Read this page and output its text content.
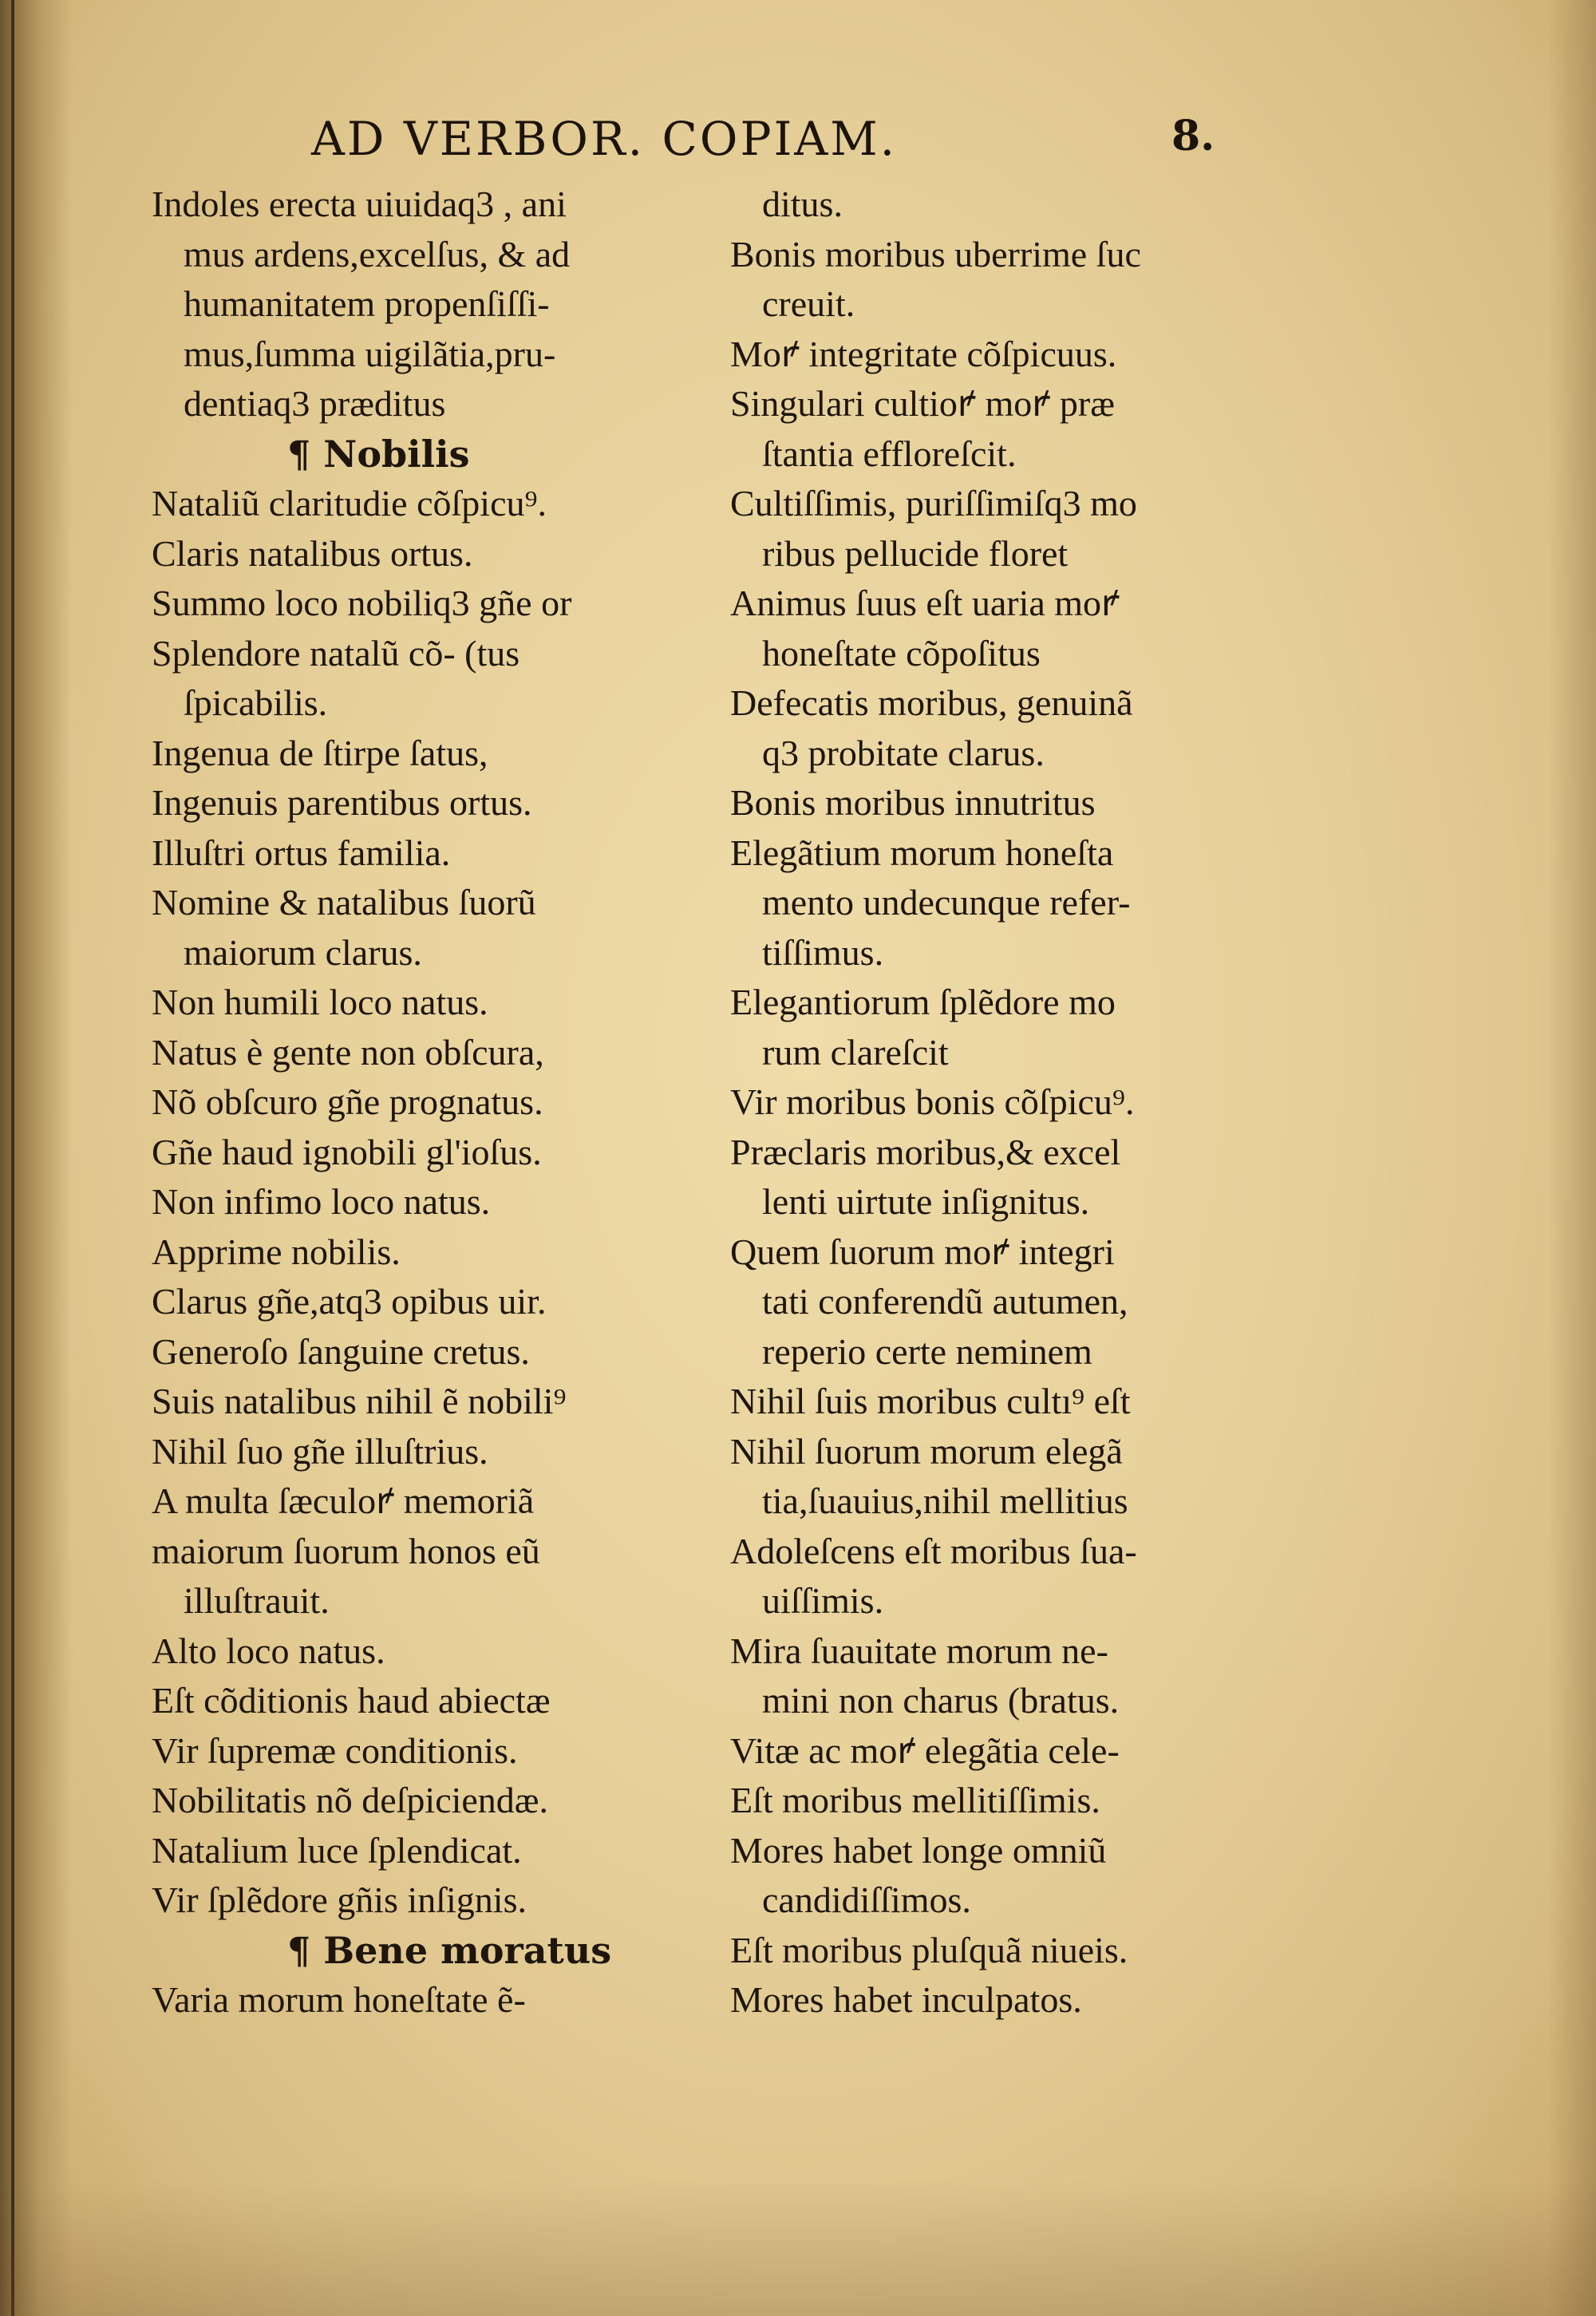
AD VERBOR. COPIAM.	8.
Indoles erecta uiuidaq3 , ani
mus ardens,excelſus, & ad
humanitatem propenſiſſi-
mus,ſumma uigilãtia,pru-
dentiaq3 præditus
¶ Nobilis
Nataliũ claritudie cõſpicu⁹.
Claris natalibus ortus.
Summo loco nobiliq3 gñe or
Splendore natalũ cõ- (tus
ſpicabilis.
Ingenua de ſtirpe ſatus,
Ingenuis parentibus ortus.
Illuſtri ortus familia.
Nomine & natalibus ſuorũ
maiorum clarus.
Non humili loco natus.
Natus è gente non obſcura,
Nõ obſcuro gñe prognatus.
Gñe haud ignobili gl'ioſus.
Non infimo loco natus.
Apprime nobilis.
Clarus gñe,atq3 opibus uir.
Generoſo ſanguine cretus.
Suis natalibus nihil ẽ nobili⁹
Nihil ſuo gñe illuſtrius.
A multa ſæculoꝵ memoriã
maiorum ſuorum honos eũ
illuſtrauit.
Alto loco natus.
Eſt cõditionis haud abiectæ
Vir ſupremæ conditionis.
Nobilitatis nõ deſpiciendæ.
Natalium luce ſplendicat.
Vir ſplẽdore gñis inſignis.
¶ Bene moratus
Varia morum honeſtate ẽ-
ditus.
Bonis moribus uberrime ſuc
creuit.
Moꝵ integritate cõſpicuus.
Singulari cultioꝵ moꝵ præ
ſtantia effloreſcit.
Cultiſſimis, puriſſimiſq3 mo
ribus pellucide floret
Animus ſuus eſt uaria moꝵ
honeſtate cõpoſitus
Defecatis moribus, genuinã
q3 probitate clarus.
Bonis moribus innutritus
Elegãtium morum honeſta
mento undecunque refer-
tiſſimus.
Elegantiorum ſplẽdore mo
rum clareſcit
Vir moribus bonis cõſpicu⁹.
Præclaris moribus,& excel
lenti uirtute inſignitus.
Quem ſuorum moꝵ integri
tati conferendũ autumen,
reperio certe neminem
Nihil ſuis moribus cultı⁹ eſt
Nihil ſuorum morum elegã
tia,ſuauius,nihil mellitius
Adoleſcens eſt moribus ſua-
uiſſimis.
Mira ſuauitate morum ne-
mini non charus (bratus.
Vitæ ac moꝵ elegãtia cele-
Eſt moribus mellitiſſimis.
Mores habet longe omniũ
candidiſſimos.
Eſt moribus pluſquã niueis.
Mores habet inculpatos.
